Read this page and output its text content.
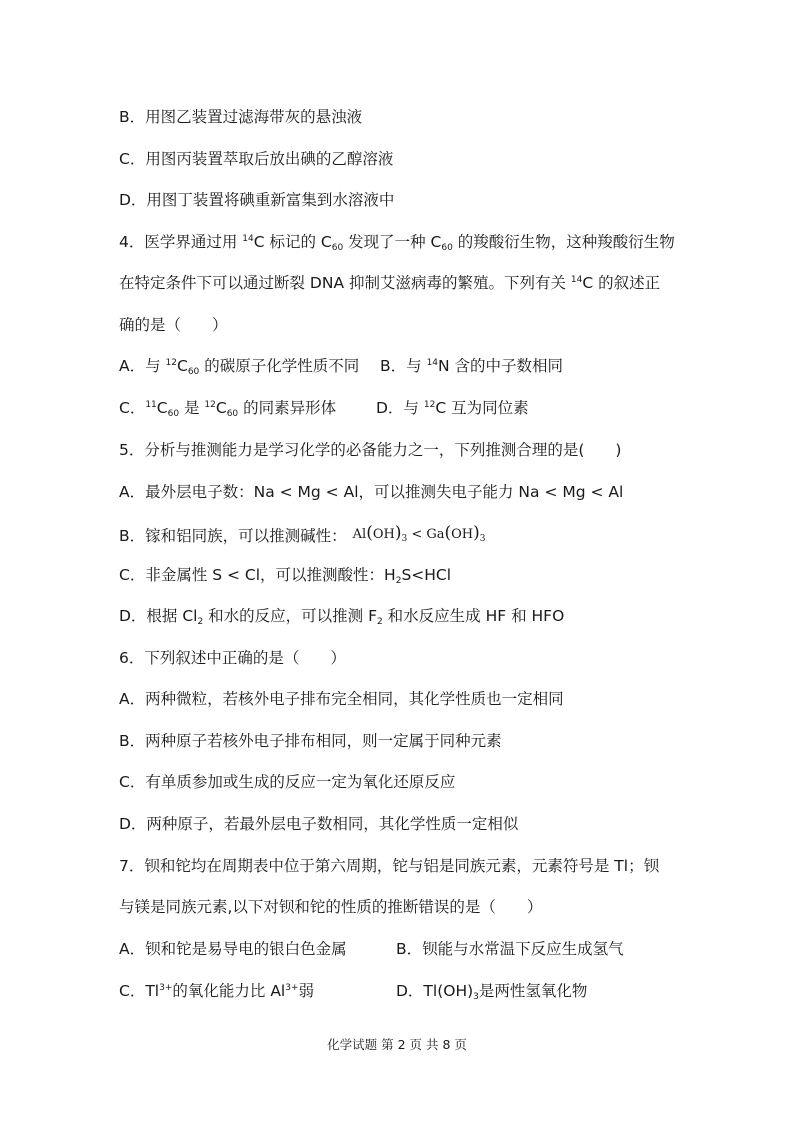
B．用图乙装置过滤海带灰的悬浊液
C．用图丙装置萃取后放出碘的乙醇溶液
D．用图丁装置将碘重新富集到水溶液中
4．医学界通过用 $^{14}$C 标记的 $C_{60}$ 发现了一种 $C_{60}$ 的羧酸衍生物，这种羧酸衍生物
在特定条件下可以通过断裂 DNA 抑制艾滋病毒的繁殖。下列有关 $^{14}$C 的叙述正
确的是（　　）
A．与 $^{12}C_{60}$ 的碳原子化学性质不同 B．与 $^{14}$N 含的中子数相同
C．$^{11}C_{60}$ 是 $^{12}C_{60}$ 的同素异形体	D．与 $^{12}$C 互为同位素
5．分析与推测能力是学习化学的必备能力之一，下列推测合理的是(　　)
A．最外层电子数：Na < Mg < Al，可以推测失电子能力 Na < Mg < Al
B．镓和铝同族，可以推测碱性： $Al(OH)_3 < Ga(OH)_3$
C．非金属性 S < Cl，可以推测酸性：$H_2S<HCl$
D．根据 $Cl_2$ 和水的反应，可以推测 $F_2$ 和水反应生成 HF 和 HFO
6．下列叙述中正确的是（　　）
A．两种微粒，若核外电子排布完全相同，其化学性质也一定相同
B．两种原子若核外电子排布相同，则一定属于同种元素
C．有单质参加或生成的反应一定为氧化还原反应
D．两种原子，若最外层电子数相同，其化学性质一定相似
7．钡和铊均在周期表中位于第六周期，铊与铝是同族元素，元素符号是 Tl；钡
与镁是同族元素,以下对钡和铊的性质的推断错误的是（　　）
A．钡和铊是易导电的银白色金属	B．钡能与水常温下反应生成氢气
C．$Tl^{3+}$的氧化能力比 $Al^{3+}$弱	D．$Tl(OH)_3$是两性氢氧化物
化学试题 第 2 页 共 8 页
